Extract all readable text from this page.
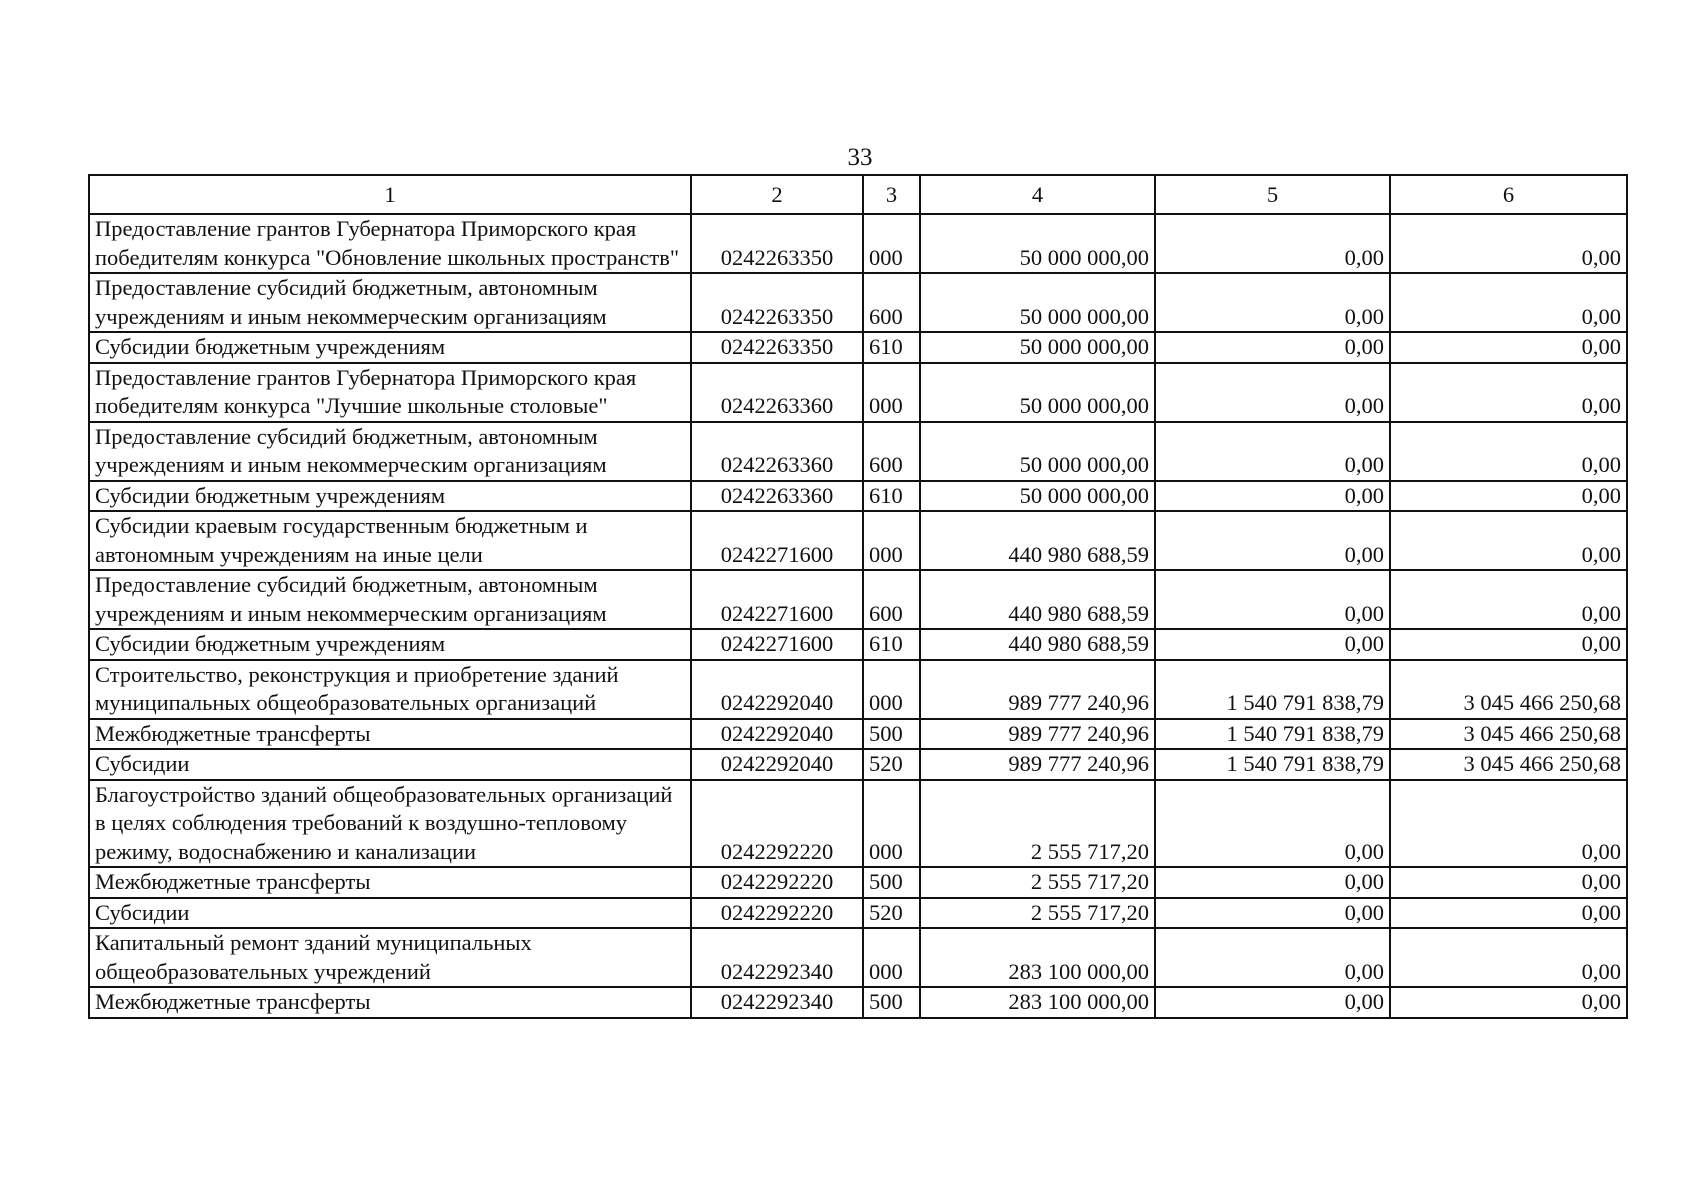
33
1	2	3	4	5	6
Предоставление грантов Губернатора Приморского края победителям конкурса "Обновление школьных пространств"	0242263350	000	50 000 000,00	0,00	0,00
Предоставление субсидий бюджетным, автономным учреждениям и иным некоммерческим организациям	0242263350	600	50 000 000,00	0,00	0,00
Субсидии бюджетным учреждениям	0242263350	610	50 000 000,00	0,00	0,00
Предоставление грантов Губернатора Приморского края победителям конкурса "Лучшие школьные столовые"	0242263360	000	50 000 000,00	0,00	0,00
Предоставление субсидий бюджетным, автономным учреждениям и иным некоммерческим организациям	0242263360	600	50 000 000,00	0,00	0,00
Субсидии бюджетным учреждениям	0242263360	610	50 000 000,00	0,00	0,00
Субсидии краевым государственным бюджетным и автономным учреждениям на иные цели	0242271600	000	440 980 688,59	0,00	0,00
Предоставление субсидий бюджетным, автономным учреждениям и иным некоммерческим организациям	0242271600	600	440 980 688,59	0,00	0,00
Субсидии бюджетным учреждениям	0242271600	610	440 980 688,59	0,00	0,00
Строительство, реконструкция и приобретение зданий муниципальных общеобразовательных организаций	0242292040	000	989 777 240,96	1 540 791 838,79	3 045 466 250,68
Межбюджетные трансферты	0242292040	500	989 777 240,96	1 540 791 838,79	3 045 466 250,68
Субсидии	0242292040	520	989 777 240,96	1 540 791 838,79	3 045 466 250,68
Благоустройство зданий общеобразовательных организаций в целях соблюдения требований к воздушно-тепловому режиму, водоснабжению и канализации	0242292220	000	2 555 717,20	0,00	0,00
Межбюджетные трансферты	0242292220	500	2 555 717,20	0,00	0,00
Субсидии	0242292220	520	2 555 717,20	0,00	0,00
Капитальный ремонт зданий муниципальных общеобразовательных учреждений	0242292340	000	283 100 000,00	0,00	0,00
Межбюджетные трансферты	0242292340	500	283 100 000,00	0,00	0,00
